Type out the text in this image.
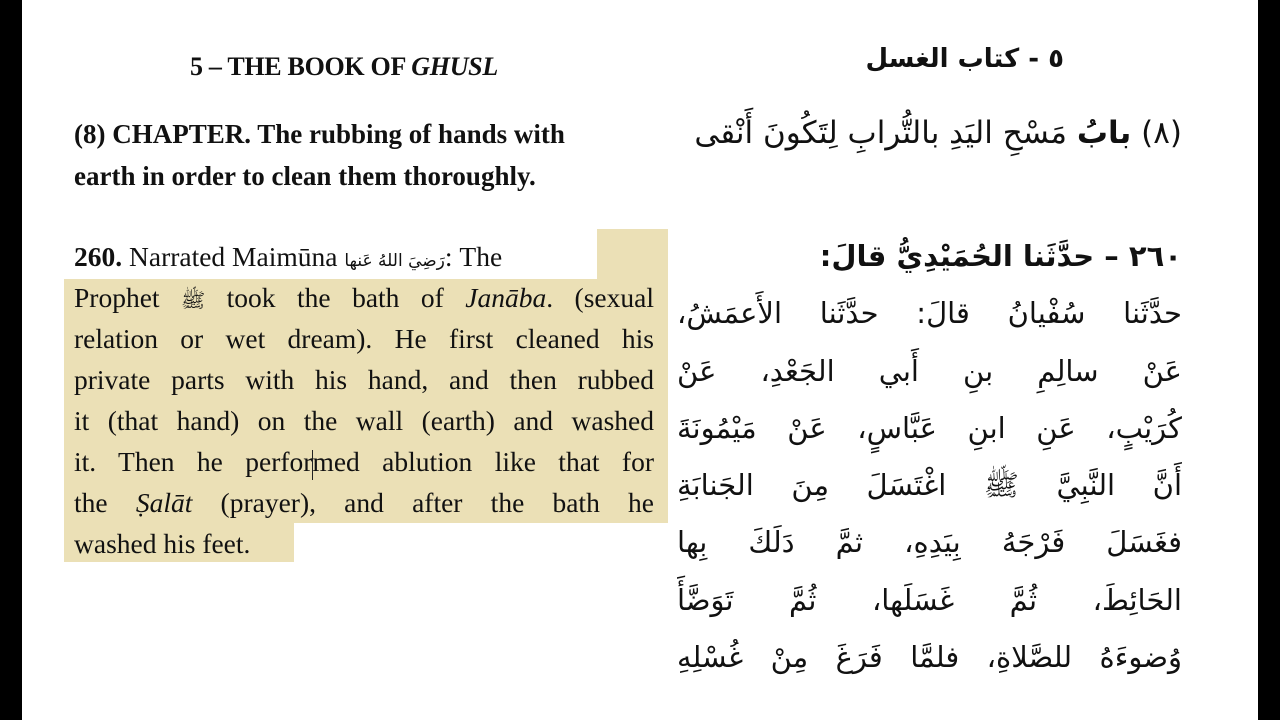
5 – THE BOOK OF GHUSL
(8) CHAPTER. The rubbing of hands with
earth in order to clean them thoroughly.
260. Narrated Maimūna رَضِيَ اللهُ عَنها: The
Prophet ﷺ took the bath of Janāba. (sexual
relation or wet dream). He first cleaned his
private parts with his hand, and then rubbed
it (that hand) on the wall (earth) and washed
it. Then he performed ablution like that for
the Ṣalāt (prayer), and after the bath he
washed his feet.
٥ - كتاب الغسل
(٨) بابُ مَسْحِ اليَدِ بالتُّرابِ لِتَكُونَ أَنْقى
٢٦٠ – حدَّثَنا الحُمَيْدِيُّ قالَ:
حدَّثَنا سُفْيانُ قالَ: حدَّثَنا الأَعمَشُ،
عَنْ سالِمِ بنِ أَبي الجَعْدِ، عَنْ
كُرَيْبٍ، عَنِ ابنِ عَبَّاسٍ، عَنْ مَيْمُونَةَ
أَنَّ النَّبِيَّ ﷺ اغْتَسَلَ مِنَ الجَنابَةِ
فغَسَلَ فَرْجَهُ بِيَدِهِ، ثمَّ دَلَكَ بِها
الحَائِطَ، ثُمَّ غَسَلَها، ثُمَّ تَوَضَّأَ
وُضوءَهُ للصَّلاةِ، فلمَّا فَرَغَ مِنْ غُسْلِهِ
